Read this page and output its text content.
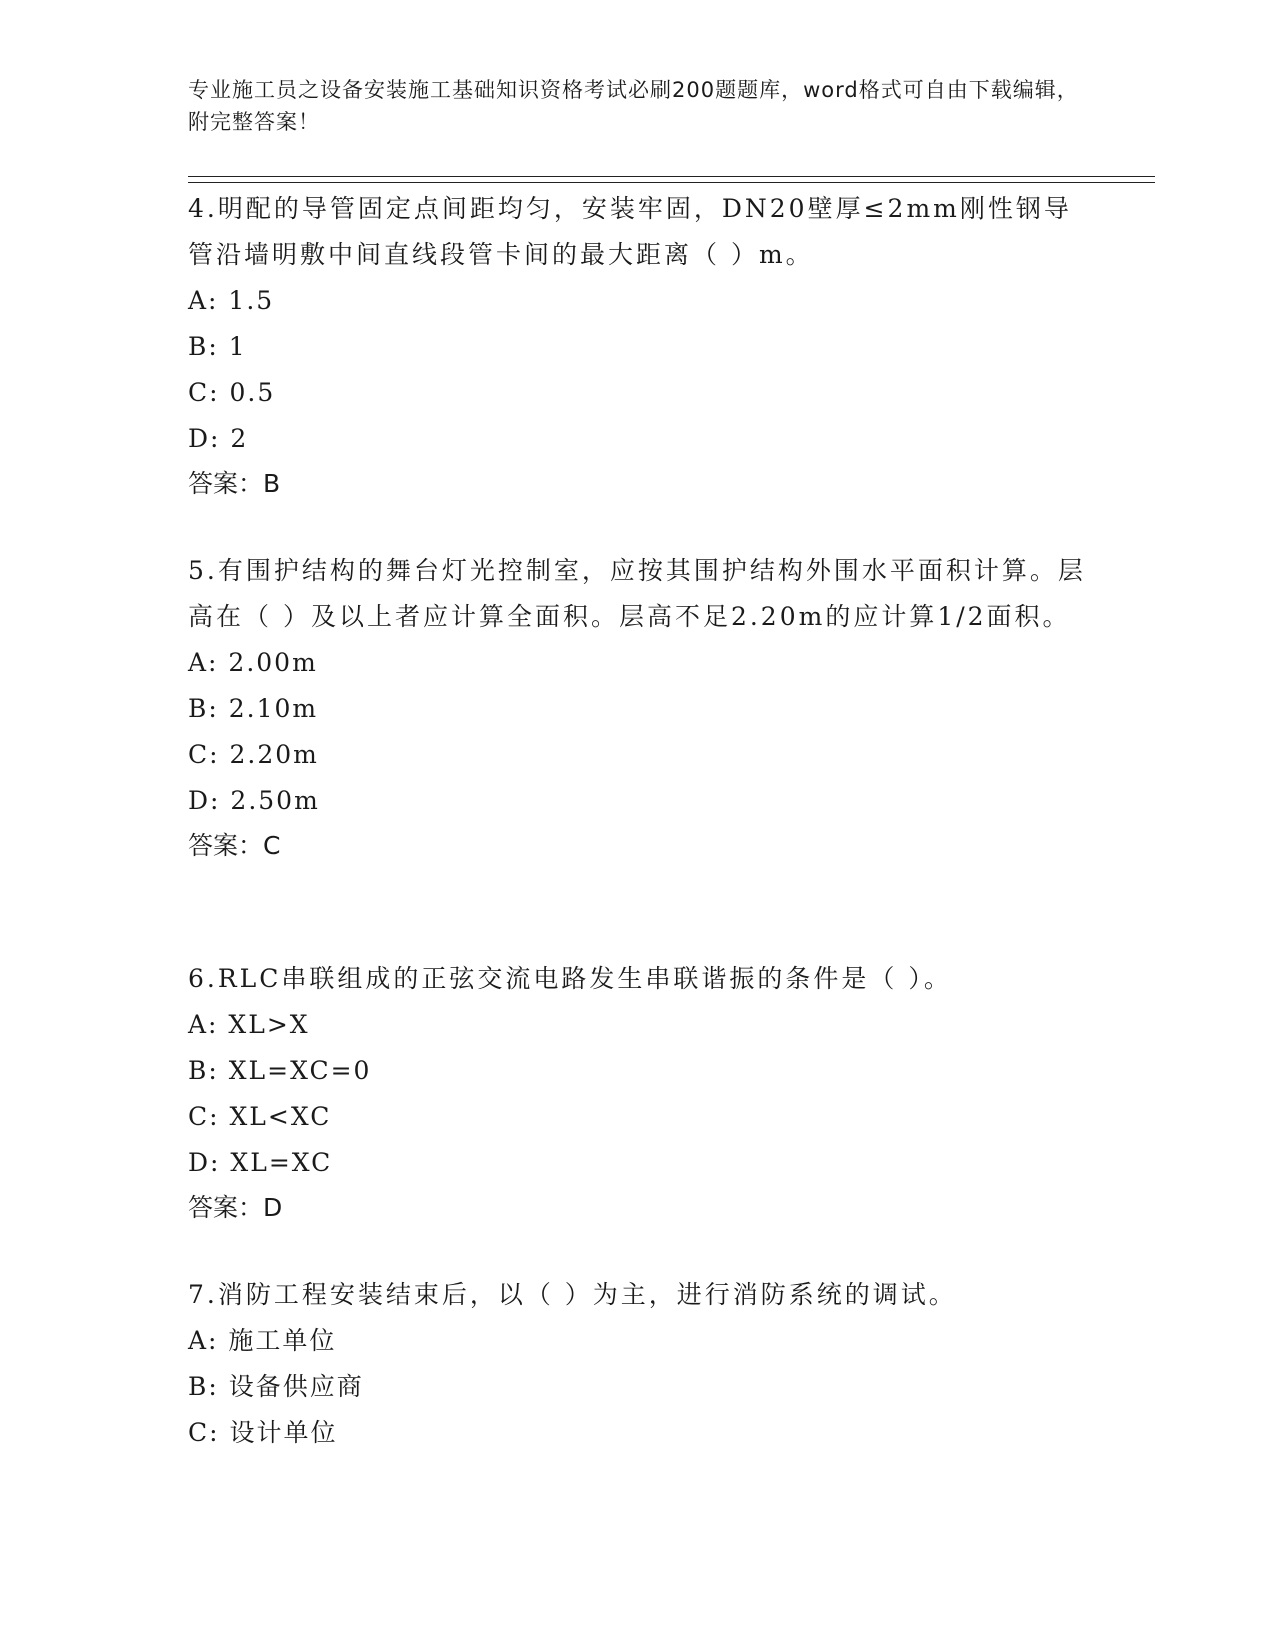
专业施工员之设备安装施工基础知识资格考试必刷200题题库，word格式可自由下载编辑，附完整答案！

4.明配的导管固定点间距均匀，安装牢固，DN20壁厚≤2mm刚性钢导管沿墙明敷中间直线段管卡间的最大距离（ ）m。

A: 1.5

B: 1

C: 0.5

D: 2

答案：B

5.有围护结构的舞台灯光控制室，应按其围护结构外围水平面积计算。层高在（ ）及以上者应计算全面积。层高不足2.20m的应计算1/2面积。

A: 2.00m

B: 2.10m

C: 2.20m

D: 2.50m

答案：C

6.RLC串联组成的正弦交流电路发生串联谐振的条件是（ ）。

A: XL>X

B: XL=XC=0

C: XL<XC

D: XL=XC

答案：D

7.消防工程安装结束后，以（ ）为主，进行消防系统的调试。

A: 施工单位

B: 设备供应商

C: 设计单位
